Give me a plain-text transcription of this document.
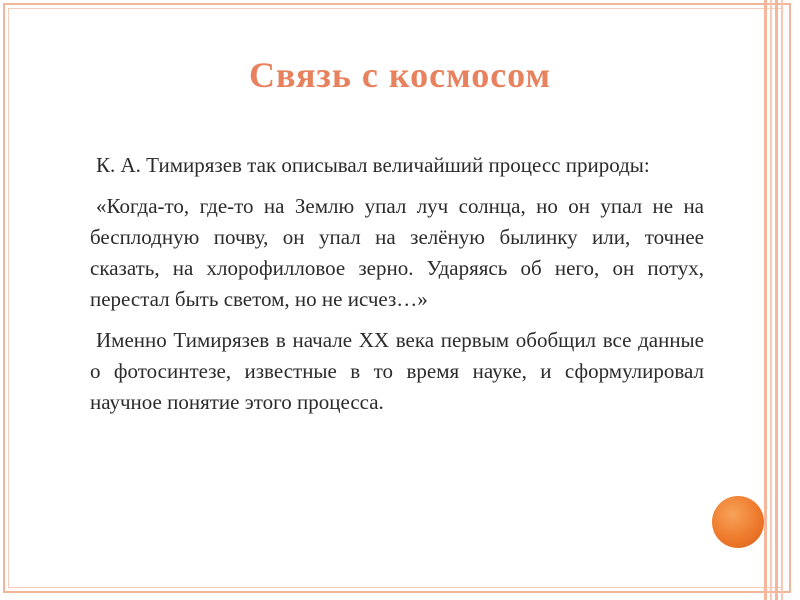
Связь с космосом

К. А. Тимирязев так описывал величайший процесс природы:

«Когда-то, где-то на Землю упал луч солнца, но он упал не на бесплодную почву, он упал на зелёную былинку или, точнее сказать, на хлорофилловое зерно. Ударяясь об него, он потух, перестал быть светом, но не исчез…»

Именно Тимирязев в начале XX века первым обобщил все данные о фотосинтезе, известные в то время науке, и сформулировал научное понятие этого процесса.
